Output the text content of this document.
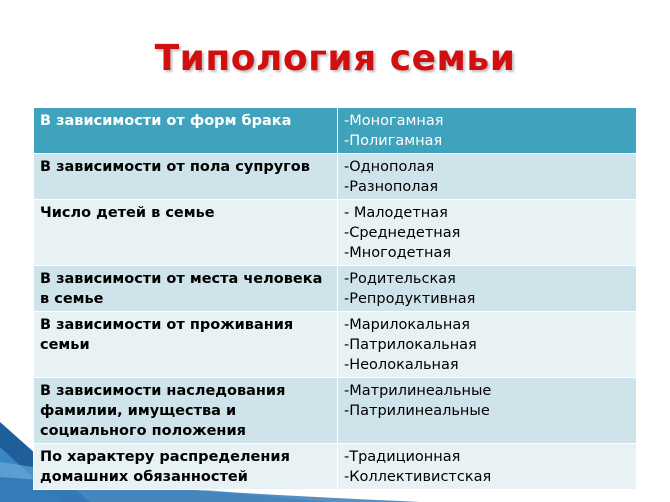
Типология семьи
В зависимости от форм брака	-Моногамная
-Полигамная

В зависимости от пола супругов	-Однополая
-Разнополая

Число детей в семье	- Малодетная
-Среднедетная
-Многодетная

В зависимости от места человека в семье	-Родительская
-Репродуктивная

В зависимости от проживания семьи	-Марилокальная
-Патрилокальная
-Неолокальная

В зависимости наследования фамилии, имущества и социального положения	-Матрилинеальные
-Патрилинеальные

По характеру распределения домашних обязанностей	-Традиционная
-Коллективистская
